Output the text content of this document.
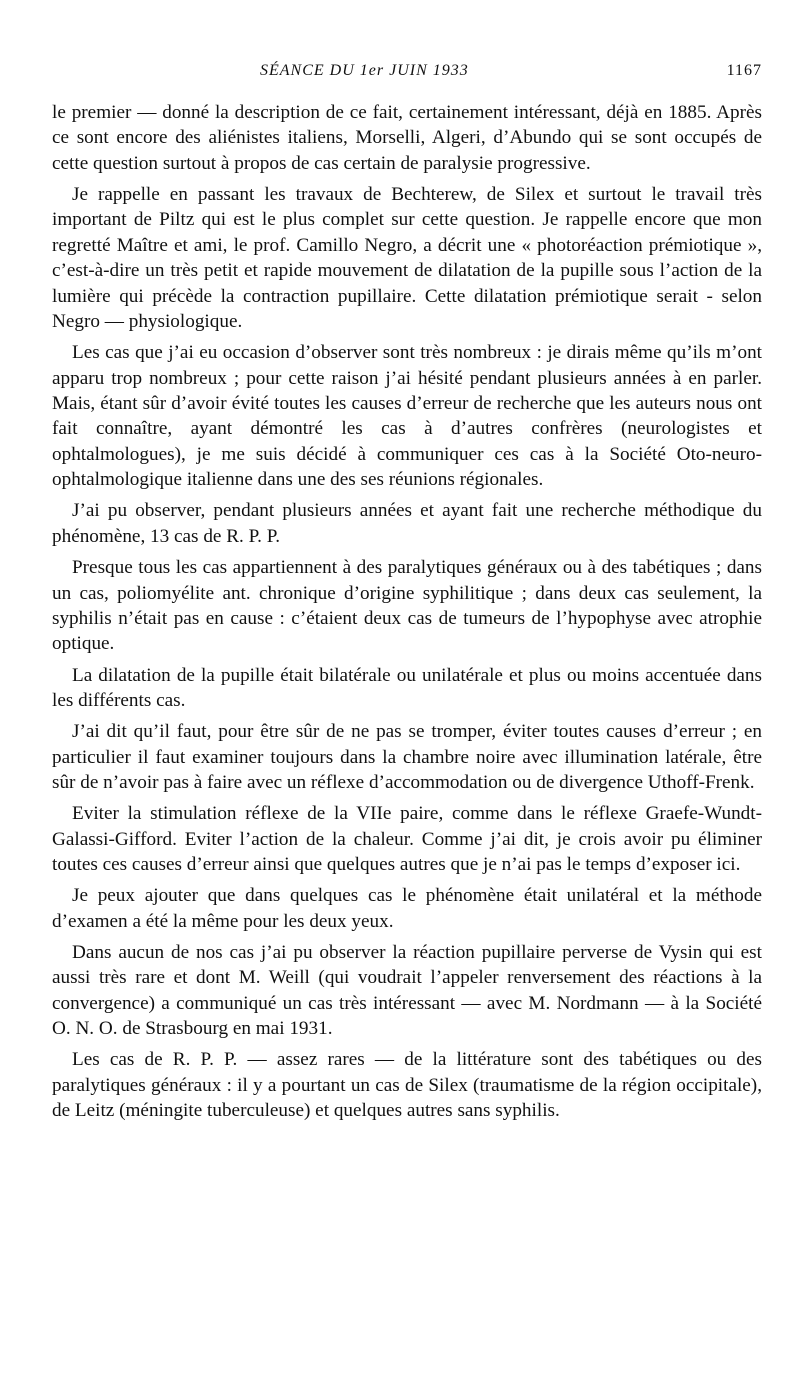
SÉANCE DU 1er JUIN 1933	1167

le premier — donné la description de ce fait, certainement intéressant, déjà en 1885. Après ce sont encore des aliénistes italiens, Morselli, Algeri, d’Abundo qui se sont occupés de cette question surtout à propos de cas certain de paralysie progressive.

Je rappelle en passant les travaux de Bechterew, de Silex et surtout le travail très important de Piltz qui est le plus complet sur cette question. Je rappelle encore que mon regretté Maître et ami, le prof. Camillo Negro, a décrit une « photoréaction prémiotique », c’est-à-dire un très petit et rapide mouvement de dilatation de la pupille sous l’action de la lumière qui précède la contraction pupillaire. Cette dilatation prémiotique serait - selon Negro — physiologique.

Les cas que j’ai eu occasion d’observer sont très nombreux : je dirais même qu’ils m’ont apparu trop nombreux ; pour cette raison j’ai hésité pendant plusieurs années à en parler. Mais, étant sûr d’avoir évité toutes les causes d’erreur de recherche que les auteurs nous ont fait connaître, ayant démontré les cas à d’autres confrères (neurologistes et ophtalmologues), je me suis décidé à communiquer ces cas à la Société Oto-neuro-ophtalmologique italienne dans une des ses réunions régionales.

J’ai pu observer, pendant plusieurs années et ayant fait une recherche méthodique du phénomène, 13 cas de R. P. P.

Presque tous les cas appartiennent à des paralytiques généraux ou à des tabétiques ; dans un cas, poliomyélite ant. chronique d’origine syphilitique ; dans deux cas seulement, la syphilis n’était pas en cause : c’étaient deux cas de tumeurs de l’hypophyse avec atrophie optique.

La dilatation de la pupille était bilatérale ou unilatérale et plus ou moins accentuée dans les différents cas.

J’ai dit qu’il faut, pour être sûr de ne pas se tromper, éviter toutes causes d’erreur ; en particulier il faut examiner toujours dans la chambre noire avec illumination latérale, être sûr de n’avoir pas à faire avec un réflexe d’accommodation ou de divergence Uthoff-Frenk.

Eviter la stimulation réflexe de la VIIe paire, comme dans le réflexe Graefe-Wundt-Galassi-Gifford. Eviter l’action de la chaleur. Comme j’ai dit, je crois avoir pu éliminer toutes ces causes d’erreur ainsi que quelques autres que je n’ai pas le temps d’exposer ici.

Je peux ajouter que dans quelques cas le phénomène était unilatéral et la méthode d’examen a été la même pour les deux yeux.

Dans aucun de nos cas j’ai pu observer la réaction pupillaire perverse de Vysin qui est aussi très rare et dont M. Weill (qui voudrait l’appeler renversement des réactions à la convergence) a communiqué un cas très intéressant — avec M. Nordmann — à la Société O. N. O. de Strasbourg en mai 1931.

Les cas de R. P. P. — assez rares — de la littérature sont des tabétiques ou des paralytiques généraux : il y a pourtant un cas de Silex (traumatisme de la région occipitale), de Leitz (méningite tuberculeuse) et quelques autres sans syphilis.
